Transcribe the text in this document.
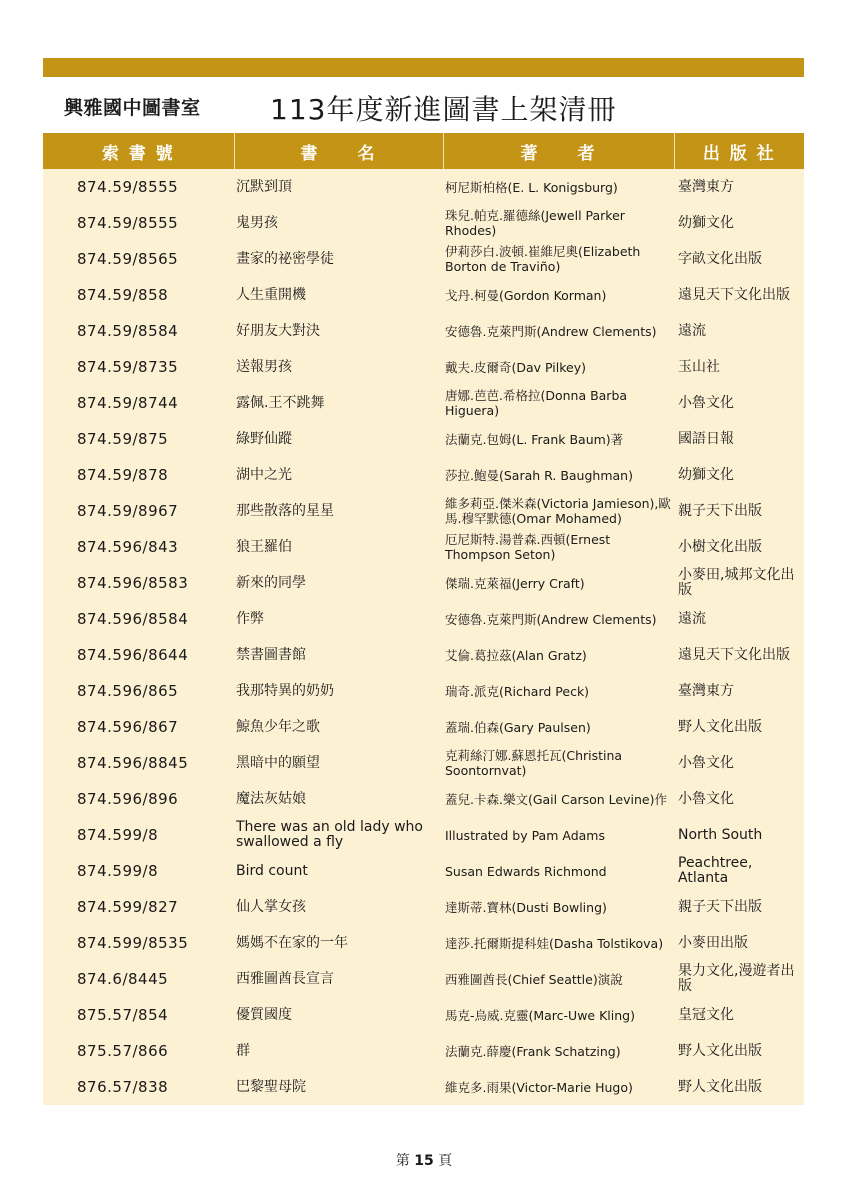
興雅國中圖書室 113年度新進圖書上架清冊
索 書 號	書　　名	著　　者	出 版 社
874.59/8555	沉默到頂	柯尼斯柏格(E. L. Konigsburg)	臺灣東方
874.59/8555	鬼男孩	珠兒.帕克.羅德絲(Jewell Parker Rhodes)	幼獅文化
874.59/8565	畫家的祕密學徒	伊莉莎白.波頓.崔維尼奧(Elizabeth Borton de Traviño)	字畝文化出版
874.59/858	人生重開機	戈丹.柯曼(Gordon Korman)	遠見天下文化出版
874.59/8584	好朋友大對決	安德魯.克萊門斯(Andrew Clements)	遠流
874.59/8735	送報男孩	戴夫.皮爾奇(Dav Pilkey)	玉山社
874.59/8744	露佩.王不跳舞	唐娜.芭芭.希格拉(Donna Barba Higuera)	小魯文化
874.59/875	綠野仙蹤	法蘭克.包姆(L. Frank Baum)著	國語日報
874.59/878	湖中之光	莎拉.鮑曼(Sarah R. Baughman)	幼獅文化
874.59/8967	那些散落的星星	維多莉亞.傑米森(Victoria Jamieson),歐馬.穆罕默德(Omar Mohamed)	親子天下出版
874.596/843	狼王羅伯	厄尼斯特.湯普森.西頓(Ernest Thompson Seton)	小樹文化出版
874.596/8583	新來的同學	傑瑞.克萊福(Jerry Craft)	小麥田,城邦文化出版
874.596/8584	作弊	安德魯.克萊門斯(Andrew Clements)	遠流
874.596/8644	禁書圖書館	艾倫.葛拉茲(Alan Gratz)	遠見天下文化出版
874.596/865	我那特異的奶奶	瑞奇.派克(Richard Peck)	臺灣東方
874.596/867	鯨魚少年之歌	蓋瑞.伯森(Gary Paulsen)	野人文化出版
874.596/8845	黑暗中的願望	克莉絲汀娜.蘇恩托瓦(Christina Soontornvat)	小魯文化
874.596/896	魔法灰姑娘	蓋兒.卡森.樂文(Gail Carson Levine)作	小魯文化
874.599/8	There was an old lady who swallowed a fly	Illustrated by Pam Adams	North South
874.599/8	Bird count	Susan Edwards Richmond	Peachtree, Atlanta
874.599/827	仙人掌女孩	達斯蒂.寶林(Dusti Bowling)	親子天下出版
874.599/8535	媽媽不在家的一年	達莎.托爾斯提科娃(Dasha Tolstikova)	小麥田出版
874.6/8445	西雅圖酋長宣言	西雅圖酋長(Chief Seattle)演說	果力文化,漫遊者出版
875.57/854	優質國度	馬克-烏威.克靈(Marc-Uwe Kling)	皇冠文化
875.57/866	群	法蘭克.薛慶(Frank Schatzing)	野人文化出版
876.57/838	巴黎聖母院	維克多.雨果(Victor-Marie Hugo)	野人文化出版
第 15 頁
